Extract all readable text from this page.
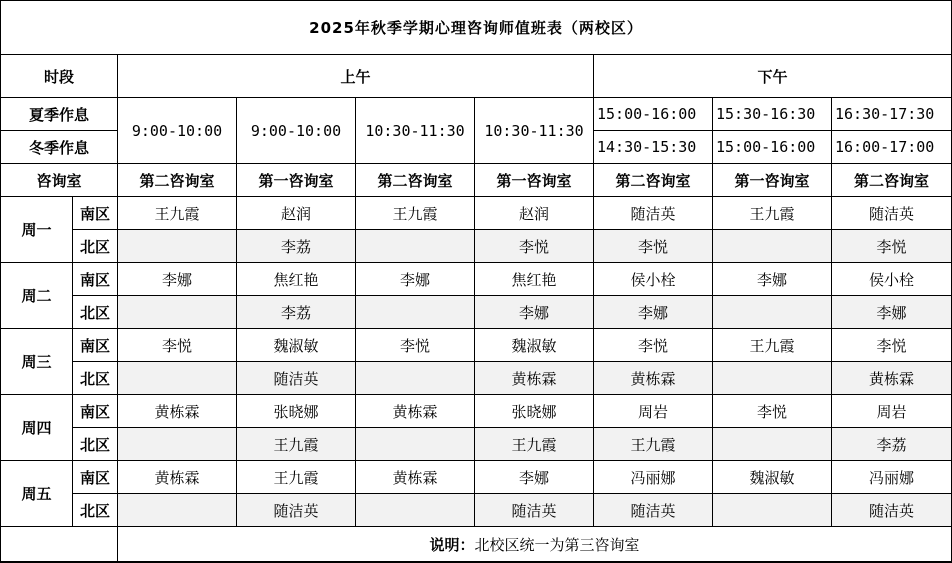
2025年秋季学期心理咨询师值班表（两校区）								
时段		上午				下午		
夏季作息		9:00-10:00	9:00-10:00	10:30-11:30	10:30-11:30	15:00-16:00	15:30-16:30	16:30-17:30
冬季作息						14:30-15:30	15:00-16:00	16:00-17:00
咨询室		第二咨询室	第一咨询室	第二咨询室	第一咨询室	第二咨询室	第一咨询室	第二咨询室
周一	南区	王九霞	赵润	王九霞	赵润	随洁英	王九霞	随洁英
	北区		李荔		李悦	李悦		李悦
周二	南区	李娜	焦红艳	李娜	焦红艳	侯小栓	李娜	侯小栓
	北区		李荔		李娜	李娜		李娜
周三	南区	李悦	魏淑敏	李悦	魏淑敏	李悦	王九霞	李悦
	北区		随洁英		黄栋霖	黄栋霖		黄栋霖
周四	南区	黄栋霖	张晓娜	黄栋霖	张晓娜	周岩	李悦	周岩
	北区		王九霞		王九霞	王九霞		李荔
周五	南区	黄栋霖	王九霞	黄栋霖	李娜	冯丽娜	魏淑敏	冯丽娜
	北区		随洁英		随洁英	随洁英		随洁英
		说明：北校区统一为第三咨询室						
